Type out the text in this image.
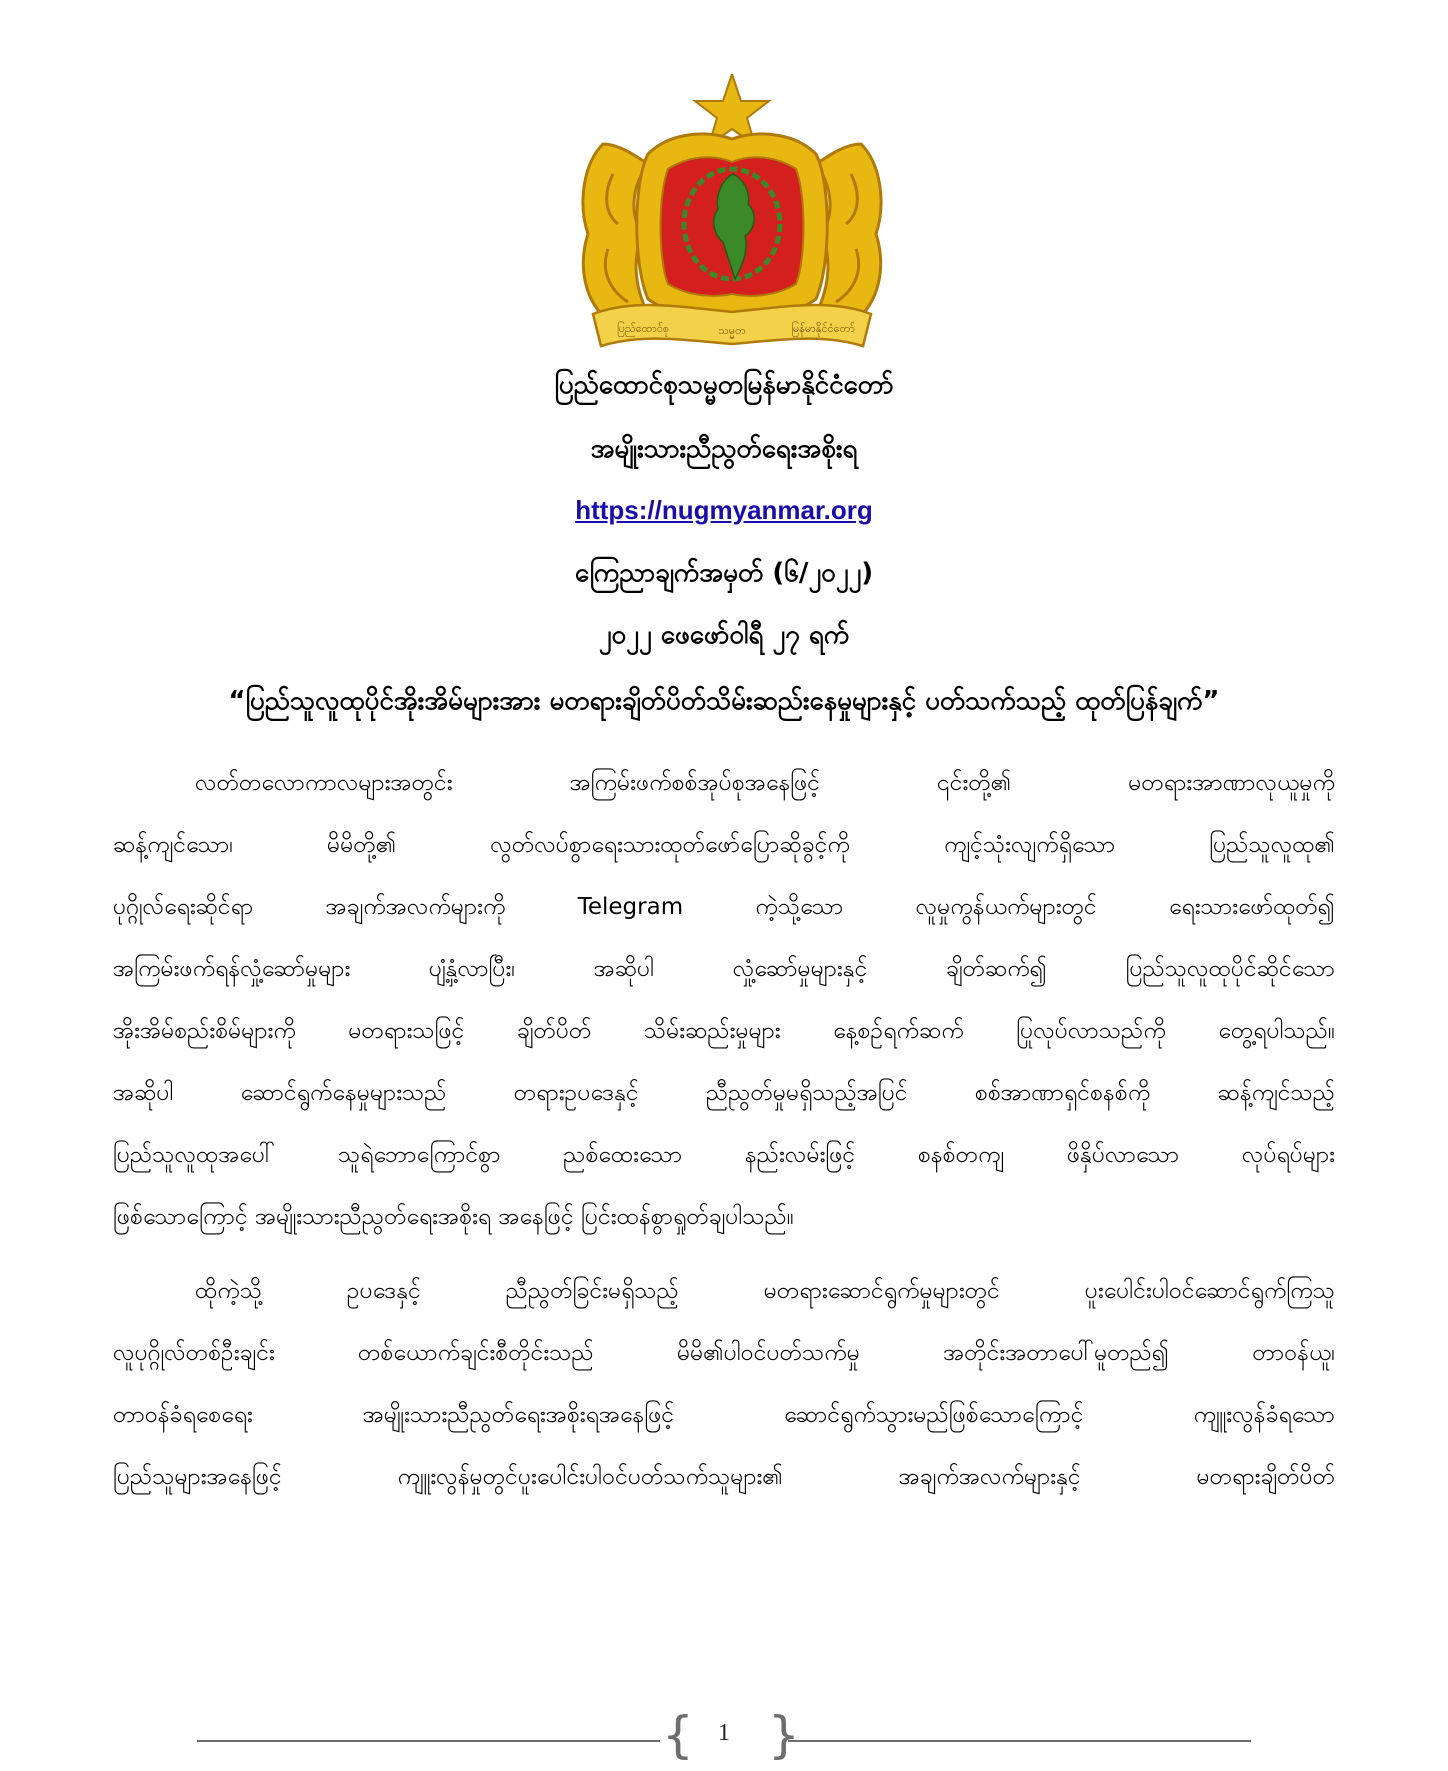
ပြည်ထောင်စု	သမ္မတ	မြန်မာနိုင်ငံတော်
ပြည်ထောင်စုသမ္မတမြန်မာနိုင်ငံတော်
အမျိုးသားညီညွတ်ရေးအစိုးရ
https://nugmyanmar.org
ကြေညာချက်အမှတ် (၆/၂၀၂၂)
၂၀၂၂ ဖေဖော်ဝါရီ ၂၇ ရက်
“ပြည်သူလူထုပိုင်အိုးအိမ်များအား မတရားချိတ်ပိတ်သိမ်းဆည်းနေမှုများနှင့် ပတ်သက်သည့် ထုတ်ပြန်ချက်”
လတ်တလောကာလများအတွင်း အကြမ်းဖက်စစ်အုပ်စုအနေဖြင့် ၎င်းတို့၏ မတရားအာဏာလုယူမှုကို
ဆန့်ကျင်သော၊ မိမိတို့၏ လွတ်လပ်စွာရေးသားထုတ်ဖော်ပြောဆိုခွင့်ကို ကျင့်သုံးလျက်ရှိသော ပြည်သူလူထု၏
ပုဂ္ဂိုလ်ရေးဆိုင်ရာ အချက်အလက်များကို Telegram ကဲ့သို့သော လူမှုကွန်ယက်များတွင် ရေးသားဖော်ထုတ်၍
အကြမ်းဖက်ရန်လှုံ့ဆော်မှုများ ပျံ့နှံ့လာပြီး၊ အဆိုပါ လှုံ့ဆော်မှုများနှင့် ချိတ်ဆက်၍ ပြည်သူလူထုပိုင်ဆိုင်သော
အိုးအိမ်စည်းစိမ်များကို မတရားသဖြင့် ချိတ်ပိတ် သိမ်းဆည်းမှုများ နေ့စဉ်ရက်ဆက် ပြုလုပ်လာသည်ကို တွေ့ရပါသည်။
အဆိုပါ ဆောင်ရွက်နေမှုများသည် တရားဥပဒေနှင့် ညီညွတ်မှုမရှိသည့်အပြင် စစ်အာဏာရှင်စနစ်ကို ဆန့်ကျင်သည့်
ပြည်သူလူထုအပေါ် သူရဲဘောကြောင်စွာ ညစ်ထေးသော နည်းလမ်းဖြင့် စနစ်တကျ ဖိနှိပ်လာသော လုပ်ရပ်များ
ဖြစ်သောကြောင့် အမျိုးသားညီညွတ်ရေးအစိုးရ အနေဖြင့် ပြင်းထန်စွာရှုတ်ချပါသည်။
ထိုကဲ့သို့ ဥပဒေနှင့် ညီညွတ်ခြင်းမရှိသည့် မတရားဆောင်ရွက်မှုများတွင် ပူးပေါင်းပါဝင်ဆောင်ရွက်ကြသူ
လူပုဂ္ဂိုလ်တစ်ဦးချင်း တစ်ယောက်ချင်းစီတိုင်းသည် မိမိ၏ပါဝင်ပတ်သက်မှု အတိုင်းအတာပေါ်မူတည်၍ တာဝန်ယူ၊
တာဝန်ခံရစေရေး အမျိုးသားညီညွတ်ရေးအစိုးရအနေဖြင့် ဆောင်ရွက်သွားမည်ဖြစ်သောကြောင့် ကျူးလွန်ခံရသော
ပြည်သူများအနေဖြင့် ကျူးလွန်မှုတွင်ပူးပေါင်းပါဝင်ပတ်သက်သူများ၏ အချက်အလက်များနှင့် မတရားချိတ်ပိတ်
{ }
1
